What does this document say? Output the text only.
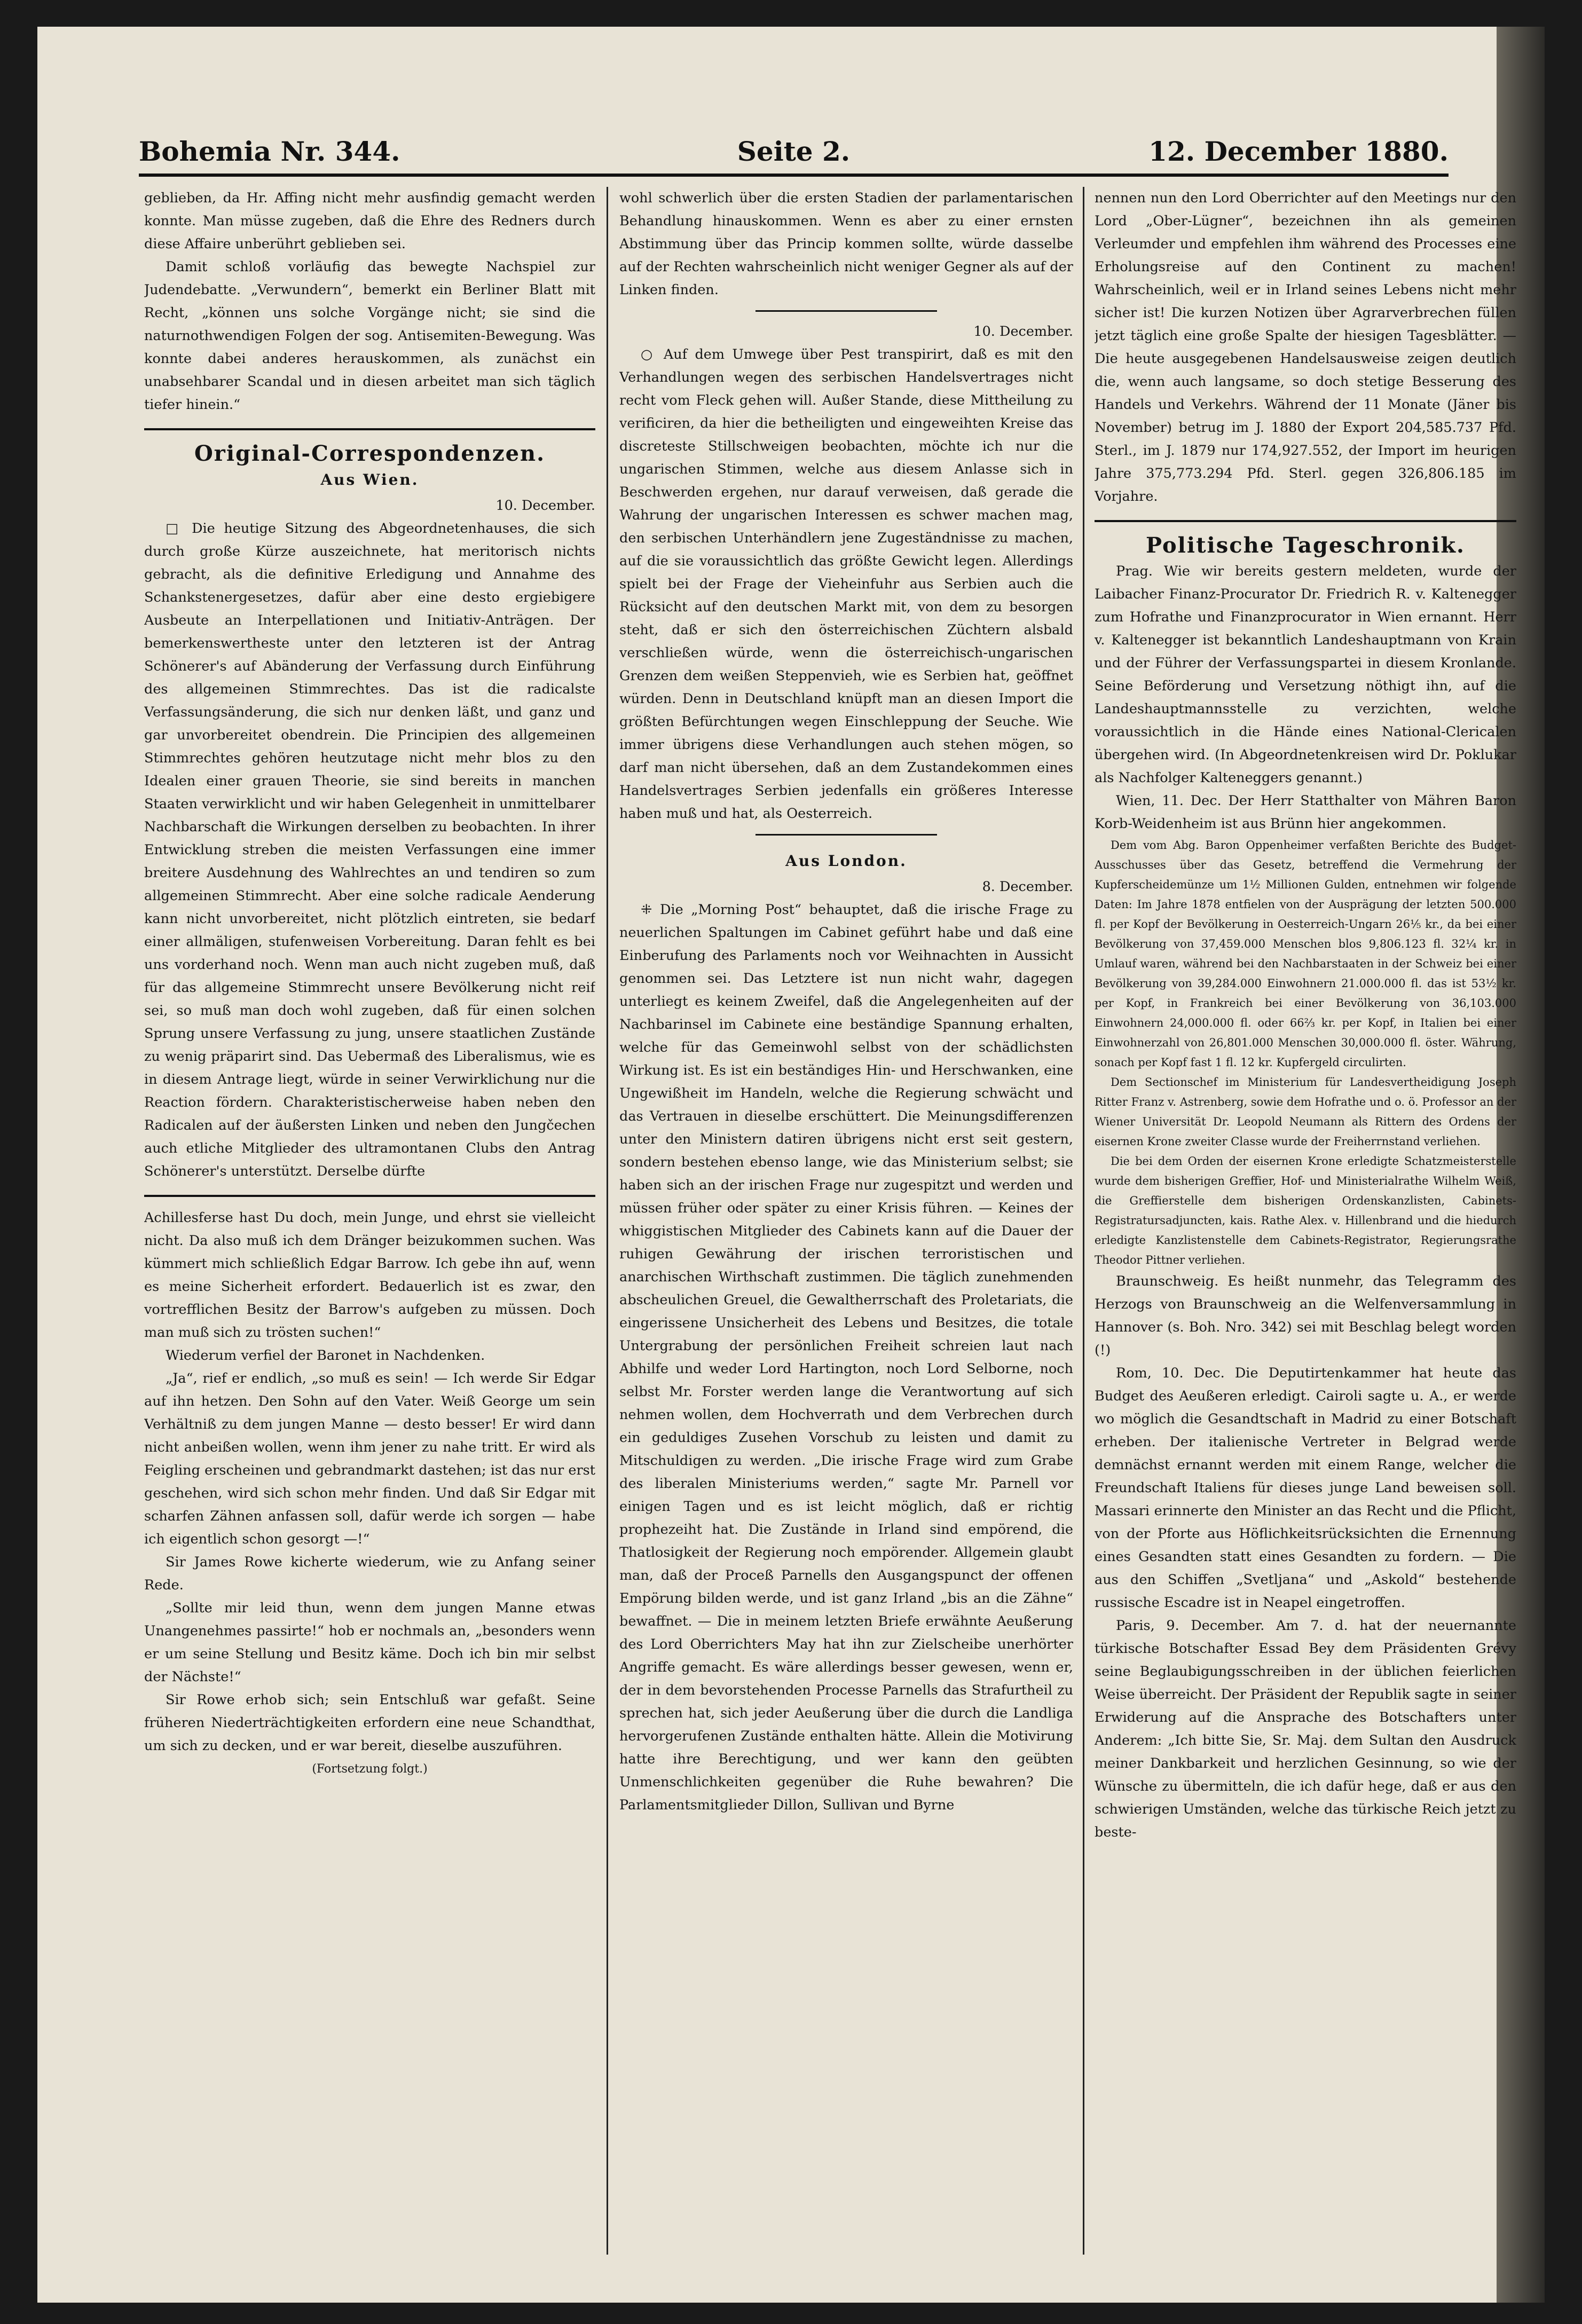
Bohemia Nr. 344.	Seite 2.	12. December 1880.

geblieben, da Hr. Affing nicht mehr ausfindig gemacht werden konnte. Man müsse zugeben, daß die Ehre des Redners durch diese Affaire unberührt geblieben sei.

Damit schloß vorläufig das bewegte Nachspiel zur Judendebatte. „Verwundern“, bemerkt ein Berliner Blatt mit Recht, „können uns solche Vorgänge nicht; sie sind die naturnothwendigen Folgen der sog. Antisemiten-Bewegung. Was konnte dabei anderes herauskommen, als zunächst ein unabsehbarer Scandal und in diesen arbeitet man sich täglich tiefer hinein.“

Original-Correspondenzen.
Aus Wien.

10. December.

□ Die heutige Sitzung des Abgeordnetenhauses, die sich durch große Kürze auszeichnete, hat meritorisch nichts gebracht, als die definitive Erledigung und Annahme des Schankstenergesetzes, dafür aber eine desto ergiebigere Ausbeute an Interpellationen und Initiativ-Anträgen. Der bemerkenswertheste unter den letzteren ist der Antrag Schönerer's auf Abänderung der Verfassung durch Einführung des allgemeinen Stimmrechtes. Das ist die radicalste Verfassungsänderung, die sich nur denken läßt, und ganz und gar unvorbereitet obendrein. Die Principien des allgemeinen Stimmrechtes gehören heutzutage nicht mehr blos zu den Idealen einer grauen Theorie, sie sind bereits in manchen Staaten verwirklicht und wir haben Gelegenheit in unmittelbarer Nachbarschaft die Wirkungen derselben zu beobachten. In ihrer Entwicklung streben die meisten Verfassungen eine immer breitere Ausdehnung des Wahlrechtes an und tendiren so zum allgemeinen Stimmrecht. Aber eine solche radicale Aenderung kann nicht unvorbereitet, nicht plötzlich eintreten, sie bedarf einer allmäligen, stufenweisen Vorbereitung. Daran fehlt es bei uns vorderhand noch. Wenn man auch nicht zugeben muß, daß für das allgemeine Stimmrecht unsere Bevölkerung nicht reif sei, so muß man doch wohl zugeben, daß für einen solchen Sprung unsere Verfassung zu jung, unsere staatlichen Zustände zu wenig präparirt sind. Das Uebermaß des Liberalismus, wie es in diesem Antrage liegt, würde in seiner Verwirklichung nur die Reaction fördern. Charakteristischerweise haben neben den Radicalen auf der äußersten Linken und neben den Jungčechen auch etliche Mitglieder des ultramontanen Clubs den Antrag Schönerer's unterstützt. Derselbe dürfte

Achillesferse hast Du doch, mein Junge, und ehrst sie vielleicht nicht. Da also muß ich dem Dränger beizukommen suchen. Was kümmert mich schließlich Edgar Barrow. Ich gebe ihn auf, wenn es meine Sicherheit erfordert. Bedauerlich ist es zwar, den vortrefflichen Besitz der Barrow's aufgeben zu müssen. Doch man muß sich zu trösten suchen!“

Wiederum verfiel der Baronet in Nachdenken.

„Ja“, rief er endlich, „so muß es sein! — Ich werde Sir Edgar auf ihn hetzen. Den Sohn auf den Vater. Weiß George um sein Verhältniß zu dem jungen Manne — desto besser! Er wird dann nicht anbeißen wollen, wenn ihm jener zu nahe tritt. Er wird als Feigling erscheinen und gebrandmarkt dastehen; ist das nur erst geschehen, wird sich schon mehr finden. Und daß Sir Edgar mit scharfen Zähnen anfassen soll, dafür werde ich sorgen — habe ich eigentlich schon gesorgt —!“

Sir James Rowe kicherte wiederum, wie zu Anfang seiner Rede.

„Sollte mir leid thun, wenn dem jungen Manne etwas Unangenehmes passirte!“ hob er nochmals an, „besonders wenn er um seine Stellung und Besitz käme. Doch ich bin mir selbst der Nächste!“

Sir Rowe erhob sich; sein Entschluß war gefaßt. Seine früheren Niederträchtigkeiten erfordern eine neue Schandthat, um sich zu decken, und er war bereit, dieselbe auszuführen.

(Fortsetzung folgt.)

wohl schwerlich über die ersten Stadien der parlamentarischen Behandlung hinauskommen. Wenn es aber zu einer ernsten Abstimmung über das Princip kommen sollte, würde dasselbe auf der Rechten wahrscheinlich nicht weniger Gegner als auf der Linken finden.

10. December.

○ Auf dem Umwege über Pest transpirirt, daß es mit den Verhandlungen wegen des serbischen Handelsvertrages nicht recht vom Fleck gehen will. Außer Stande, diese Mittheilung zu verificiren, da hier die betheiligten und eingeweihten Kreise das discreteste Stillschweigen beobachten, möchte ich nur die ungarischen Stimmen, welche aus diesem Anlasse sich in Beschwerden ergehen, nur darauf verweisen, daß gerade die Wahrung der ungarischen Interessen es schwer machen mag, den serbischen Unterhändlern jene Zugeständnisse zu machen, auf die sie voraussichtlich das größte Gewicht legen. Allerdings spielt bei der Frage der Vieheinfuhr aus Serbien auch die Rücksicht auf den deutschen Markt mit, von dem zu besorgen steht, daß er sich den österreichischen Züchtern alsbald verschließen würde, wenn die österreichisch-ungarischen Grenzen dem weißen Steppenvieh, wie es Serbien hat, geöffnet würden. Denn in Deutschland knüpft man an diesen Import die größten Befürchtungen wegen Einschleppung der Seuche. Wie immer übrigens diese Verhandlungen auch stehen mögen, so darf man nicht übersehen, daß an dem Zustandekommen eines Handelsvertrages Serbien jedenfalls ein größeres Interesse haben muß und hat, als Oesterreich.

Aus London.

8. December.

⁜ Die „Morning Post“ behauptet, daß die irische Frage zu neuerlichen Spaltungen im Cabinet geführt habe und daß eine Einberufung des Parlaments noch vor Weihnachten in Aussicht genommen sei. Das Letztere ist nun nicht wahr, dagegen unterliegt es keinem Zweifel, daß die Angelegenheiten auf der Nachbarinsel im Cabinete eine beständige Spannung erhalten, welche für das Gemeinwohl selbst von der schädlichsten Wirkung ist. Es ist ein beständiges Hin- und Herschwanken, eine Ungewißheit im Handeln, welche die Regierung schwächt und das Vertrauen in dieselbe erschüttert. Die Meinungsdifferenzen unter den Ministern datiren übrigens nicht erst seit gestern, sondern bestehen ebenso lange, wie das Ministerium selbst; sie haben sich an der irischen Frage nur zugespitzt und werden und müssen früher oder später zu einer Krisis führen. — Keines der whiggistischen Mitglieder des Cabinets kann auf die Dauer der ruhigen Gewährung der irischen terroristischen und anarchischen Wirthschaft zustimmen. Die täglich zunehmenden abscheulichen Greuel, die Gewaltherrschaft des Proletariats, die eingerissene Unsicherheit des Lebens und Besitzes, die totale Untergrabung der persönlichen Freiheit schreien laut nach Abhilfe und weder Lord Hartington, noch Lord Selborne, noch selbst Mr. Forster werden lange die Verantwortung auf sich nehmen wollen, dem Hochverrath und dem Verbrechen durch ein geduldiges Zusehen Vorschub zu leisten und damit zu Mitschuldigen zu werden. „Die irische Frage wird zum Grabe des liberalen Ministeriums werden,“ sagte Mr. Parnell vor einigen Tagen und es ist leicht möglich, daß er richtig prophezeiht hat. Die Zustände in Irland sind empörend, die Thatlosigkeit der Regierung noch empörender. Allgemein glaubt man, daß der Proceß Parnells den Ausgangspunct der offenen Empörung bilden werde, und ist ganz Irland „bis an die Zähne“ bewaffnet. — Die in meinem letzten Briefe erwähnte Aeußerung des Lord Oberrichters May hat ihn zur Zielscheibe unerhörter Angriffe gemacht. Es wäre allerdings besser gewesen, wenn er, der in dem bevorstehenden Processe Parnells das Strafurtheil zu sprechen hat, sich jeder Aeußerung über die durch die Landliga hervorgerufenen Zustände enthalten hätte. Allein die Motivirung hatte ihre Berechtigung, und wer kann den geübten Unmenschlichkeiten gegenüber die Ruhe bewahren? Die Parlamentsmitglieder Dillon, Sullivan und Byrne

nennen nun den Lord Oberrichter auf den Meetings nur den Lord „Ober-Lügner“, bezeichnen ihn als gemeinen Verleumder und empfehlen ihm während des Processes eine Erholungsreise auf den Continent zu machen! Wahrscheinlich, weil er in Irland seines Lebens nicht mehr sicher ist! Die kurzen Notizen über Agrarverbrechen füllen jetzt täglich eine große Spalte der hiesigen Tagesblätter. — Die heute ausgegebenen Handelsausweise zeigen deutlich die, wenn auch langsame, so doch stetige Besserung des Handels und Verkehrs. Während der 11 Monate (Jäner bis November) betrug im J. 1880 der Export 204,585.737 Pfd. Sterl., im J. 1879 nur 174,927.552, der Import im heurigen Jahre 375,773.294 Pfd. Sterl. gegen 326,806.185 im Vorjahre.

Politische Tageschronik.

Prag. Wie wir bereits gestern meldeten, wurde der Laibacher Finanz-Procurator Dr. Friedrich R. v. Kaltenegger zum Hofrathe und Finanzprocurator in Wien ernannt. Herr v. Kaltenegger ist bekanntlich Landeshauptmann von Krain und der Führer der Verfassungspartei in diesem Kronlande. Seine Beförderung und Versetzung nöthigt ihn, auf die Landeshauptmannsstelle zu verzichten, welche voraussichtlich in die Hände eines National-Clericalen übergehen wird. (In Abgeordnetenkreisen wird Dr. Poklukar als Nachfolger Kalteneggers genannt.)

Wien, 11. Dec. Der Herr Statthalter von Mähren Baron Korb-Weidenheim ist aus Brünn hier angekommen.

Dem vom Abg. Baron Oppenheimer verfaßten Berichte des Budget-Ausschusses über das Gesetz, betreffend die Vermehrung der Kupferscheidemünze um 1½ Millionen Gulden, entnehmen wir folgende Daten: Im Jahre 1878 entfielen von der Ausprägung der letzten 500.000 fl. per Kopf der Bevölkerung in Oesterreich-Ungarn 26⅕ kr., da bei einer Bevölkerung von 37,459.000 Menschen blos 9,806.123 fl. 32¼ kr. in Umlauf waren, während bei den Nachbarstaaten in der Schweiz bei einer Bevölkerung von 39,284.000 Einwohnern 21.000.000 fl. das ist 53½ kr. per Kopf, in Frankreich bei einer Bevölkerung von 36,103.000 Einwohnern 24,000.000 fl. oder 66⅔ kr. per Kopf, in Italien bei einer Einwohnerzahl von 26,801.000 Menschen 30,000.000 fl. öster. Währung, sonach per Kopf fast 1 fl. 12 kr. Kupfergeld circulirten.

Dem Sectionschef im Ministerium für Landesvertheidigung Joseph Ritter Franz v. Astrenberg, sowie dem Hofrathe und o. ö. Professor an der Wiener Universität Dr. Leopold Neumann als Rittern des Ordens der eisernen Krone zweiter Classe wurde der Freiherrnstand verliehen.

Die bei dem Orden der eisernen Krone erledigte Schatzmeisterstelle wurde dem bisherigen Greffier, Hof- und Ministerialrathe Wilhelm Weiß, die Greffierstelle dem bisherigen Ordenskanzlisten, Cabinets-Registratursadjuncten, kais. Rathe Alex. v. Hillenbrand und die hiedurch erledigte Kanzlistenstelle dem Cabinets-Registrator, Regierungsrathe Theodor Pittner verliehen.

Braunschweig. Es heißt nunmehr, das Telegramm des Herzogs von Braunschweig an die Welfenversammlung in Hannover (s. Boh. Nro. 342) sei mit Beschlag belegt worden (!)

Rom, 10. Dec. Die Deputirtenkammer hat heute das Budget des Aeußeren erledigt. Cairoli sagte u. A., er werde wo möglich die Gesandtschaft in Madrid zu einer Botschaft erheben. Der italienische Vertreter in Belgrad werde demnächst ernannt werden mit einem Range, welcher die Freundschaft Italiens für dieses junge Land beweisen soll. Massari erinnerte den Minister an das Recht und die Pflicht, von der Pforte aus Höflichkeitsrücksichten die Ernennung eines Gesandten statt eines Gesandten zu fordern. — Die aus den Schiffen „Svetljana“ und „Askold“ bestehende russische Escadre ist in Neapel eingetroffen.

Paris, 9. December. Am 7. d. hat der neuernannte türkische Botschafter Essad Bey dem Präsidenten Grévy seine Beglaubigungsschreiben in der üblichen feierlichen Weise überreicht. Der Präsident der Republik sagte in seiner Erwiderung auf die Ansprache des Botschafters unter Anderem: „Ich bitte Sie, Sr. Maj. dem Sultan den Ausdruck meiner Dankbarkeit und herzlichen Gesinnung, so wie der Wünsche zu übermitteln, die ich dafür hege, daß er aus den schwierigen Umständen, welche das türkische Reich jetzt zu beste-
